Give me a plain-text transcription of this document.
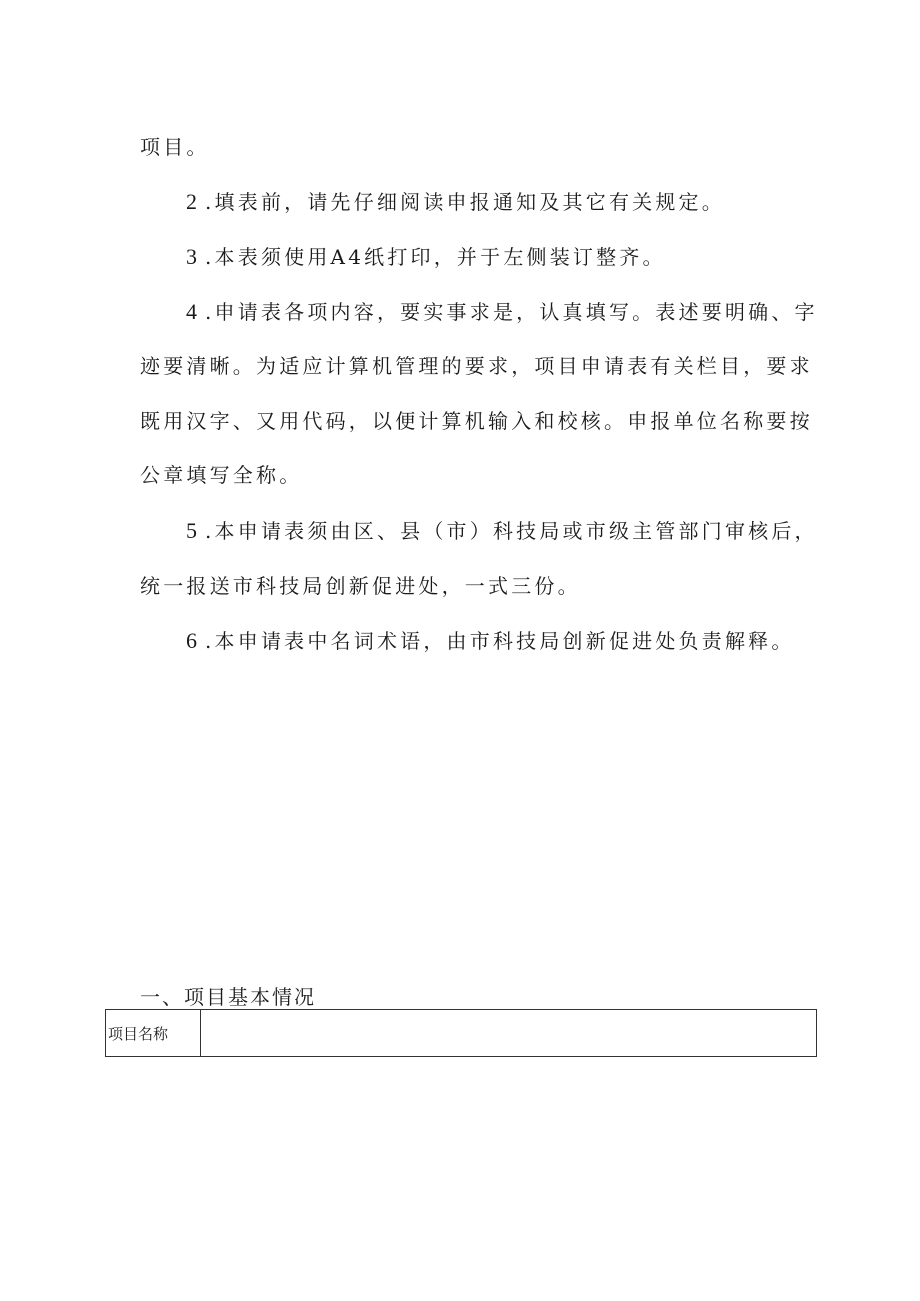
项目。
2 .填表前，请先仔细阅读申报通知及其它有关规定。
3 .本表须使用A4纸打印，并于左侧装订整齐。
4 .申请表各项内容，要实事求是，认真填写。表述要明确、字
迹要清晰。为适应计算机管理的要求，项目申请表有关栏目，要求
既用汉字、又用代码，以便计算机输入和校核。申报单位名称要按
公章填写全称。
5 .本申请表须由区、县（市）科技局或市级主管部门审核后，
统一报送市科技局创新促进处，一式三份。
6 .本申请表中名词术语，由市科技局创新促进处负责解释。
一、项目基本情况
项目名称	
